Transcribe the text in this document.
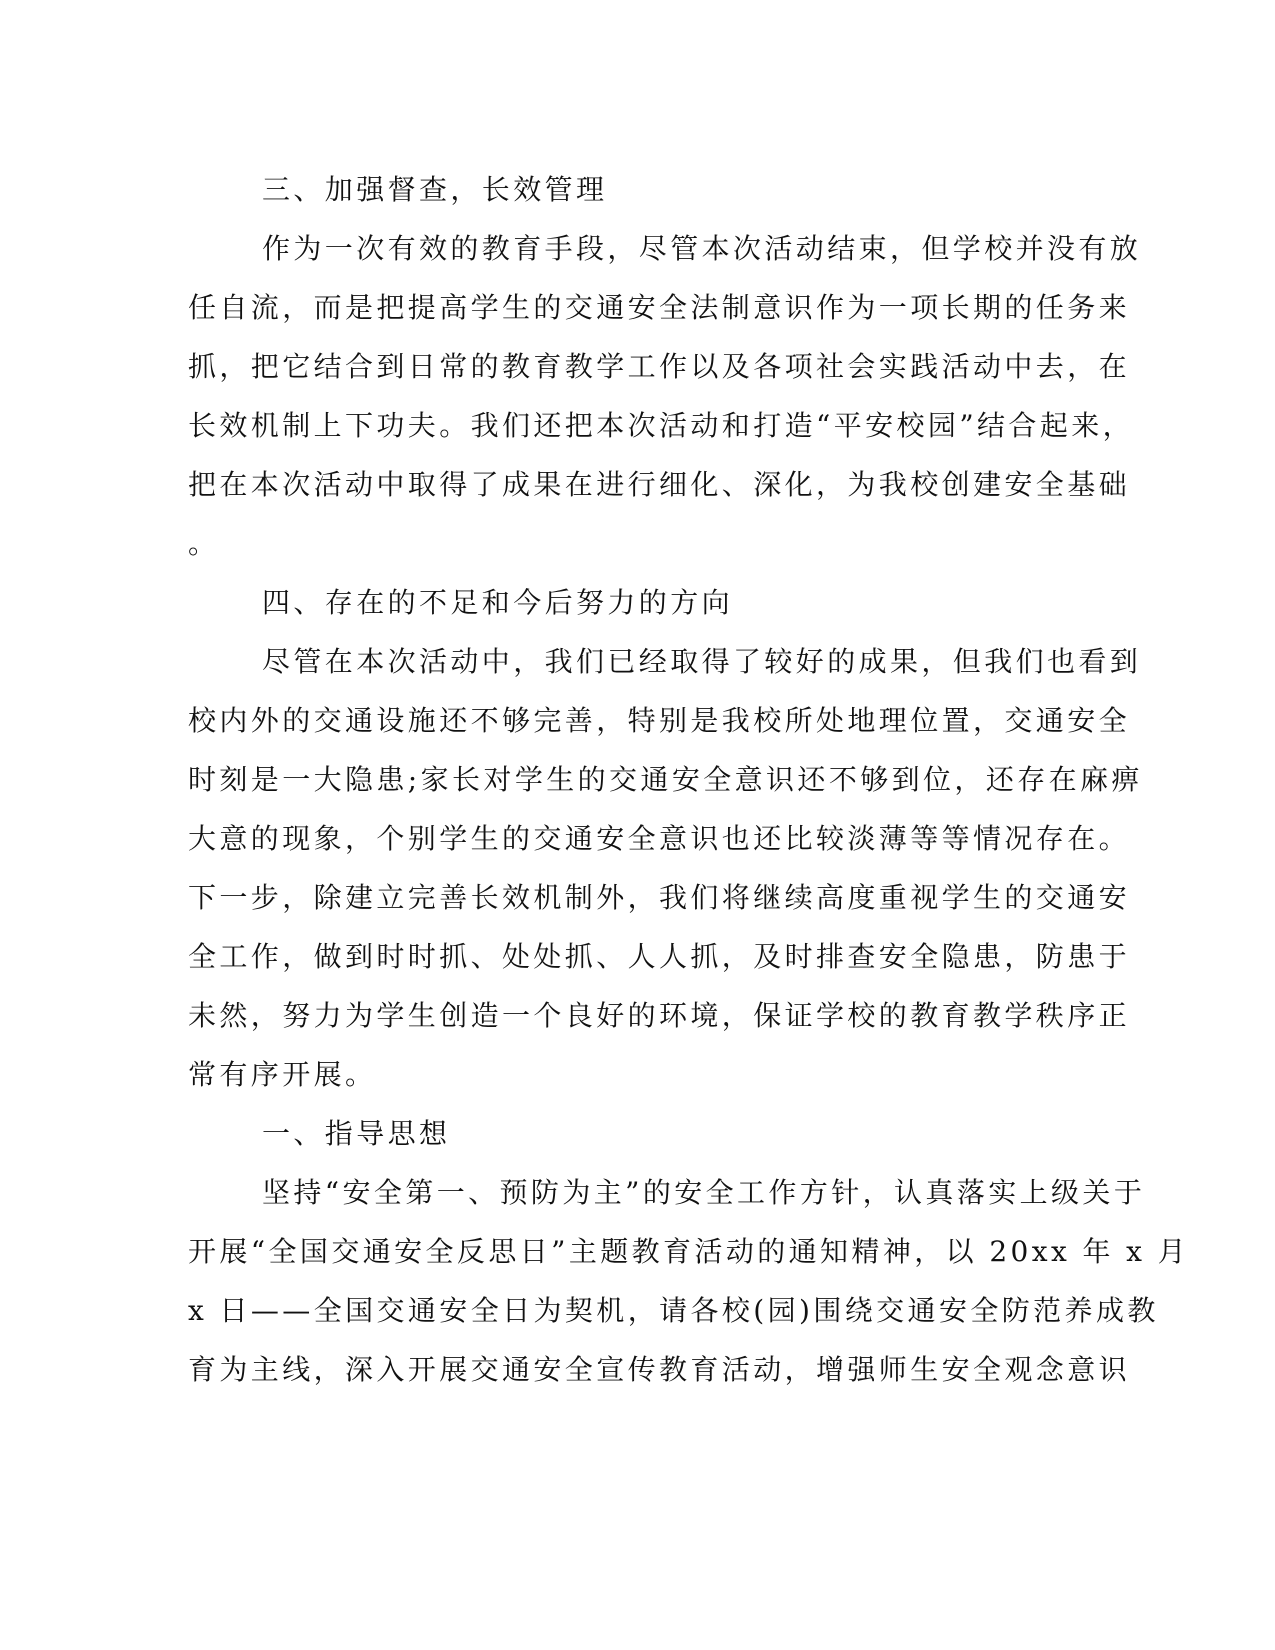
三、加强督查，长效管理
作为一次有效的教育手段，尽管本次活动结束，但学校并没有放
任自流，而是把提高学生的交通安全法制意识作为一项长期的任务来
抓，把它结合到日常的教育教学工作以及各项社会实践活动中去，在
长效机制上下功夫。我们还把本次活动和打造“平安校园”结合起来，
把在本次活动中取得了成果在进行细化、深化，为我校创建安全基础
。
四、存在的不足和今后努力的方向
尽管在本次活动中，我们已经取得了较好的成果，但我们也看到
校内外的交通设施还不够完善，特别是我校所处地理位置，交通安全
时刻是一大隐患;家长对学生的交通安全意识还不够到位，还存在麻痹
大意的现象，个别学生的交通安全意识也还比较淡薄等等情况存在。
下一步，除建立完善长效机制外，我们将继续高度重视学生的交通安
全工作，做到时时抓、处处抓、人人抓，及时排查安全隐患，防患于
未然，努力为学生创造一个良好的环境，保证学校的教育教学秩序正
常有序开展。
一、指导思想
坚持“安全第一、预防为主”的安全工作方针，认真落实上级关于
开展“全国交通安全反思日”主题教育活动的通知精神，以 20xx 年 x 月
x 日——全国交通安全日为契机，请各校(园)围绕交通安全防范养成教
育为主线，深入开展交通安全宣传教育活动，增强师生安全观念意识
